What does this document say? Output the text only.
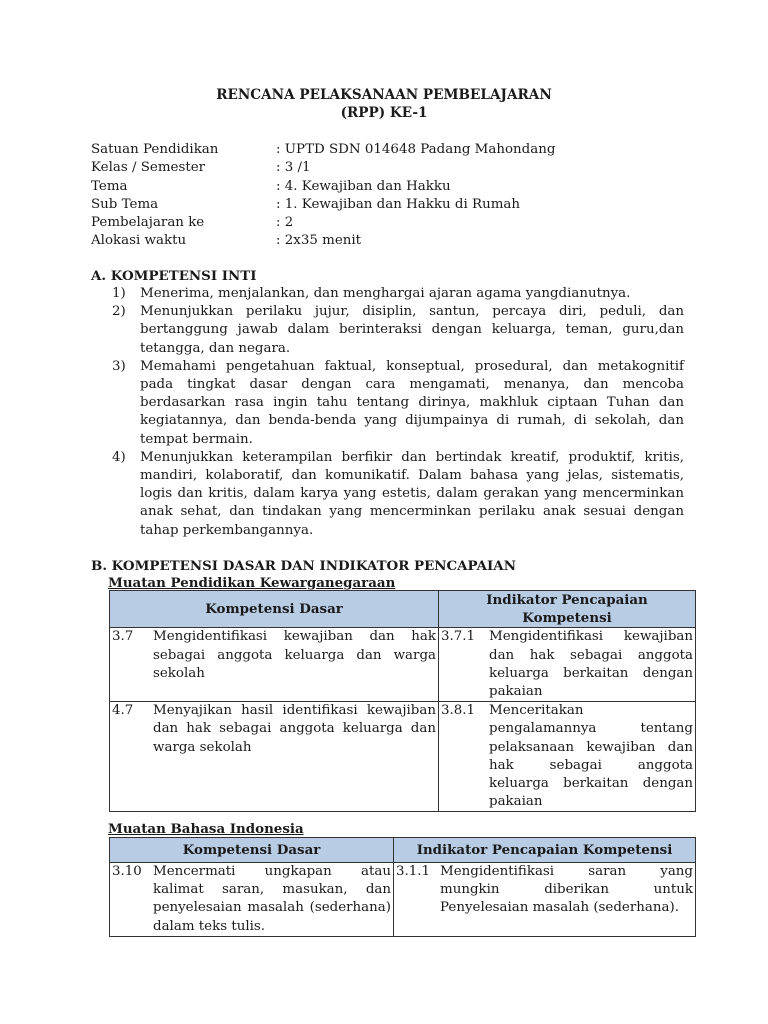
RENCANA PELAKSANAAN PEMBELAJARAN
(RPP) KE-1
Satuan Pendidikan	: UPTD SDN 014648 Padang Mahondang
Kelas / Semester	: 3 /1
Tema	: 4. Kewajiban dan Hakku
Sub Tema	: 1. Kewajiban dan Hakku di Rumah
Pembelajaran ke	: 2
Alokasi waktu	: 2x35 menit
A. KOMPETENSI INTI
1)	Menerima, menjalankan, dan menghargai ajaran agama yangdianutnya.
2)	Menunjukkan perilaku jujur, disiplin, santun, percaya diri, peduli, dan bertanggung jawab dalam berinteraksi dengan keluarga, teman, guru,dan tetangga, dan negara.
3)	Memahami pengetahuan faktual, konseptual, prosedural, dan metakognitif pada tingkat dasar dengan cara mengamati, menanya, dan mencoba berdasarkan rasa ingin tahu tentang dirinya, makhluk ciptaan Tuhan dan kegiatannya, dan benda-benda yang dijumpainya di rumah, di sekolah, dan tempat bermain.
4)	Menunjukkan keterampilan berfikir dan bertindak kreatif, produktif, kritis, mandiri, kolaboratif, dan komunikatif. Dalam bahasa yang jelas, sistematis, logis dan kritis, dalam karya yang estetis, dalam gerakan yang mencerminkan anak sehat, dan tindakan yang mencerminkan perilaku anak sesuai dengan tahap perkembangannya.
B. KOMPETENSI DASAR DAN INDIKATOR PENCAPAIAN
Muatan Pendidikan Kewarganegaraan
Kompetensi Dasar	Indikator Pencapaian Kompetensi

3.7 Mengidentifikasi kewajiban dan hak sebagai anggota keluarga dan warga sekolah	3.7.1 Mengidentifikasi kewajiban dan hak sebagai anggota keluarga berkaitan dengan pakaian

4.7 Menyajikan hasil identifikasi kewajiban dan hak sebagai anggota keluarga dan warga sekolah	3.8.1 Menceritakan pengalamannya tentang pelaksanaan kewajiban dan hak sebagai anggota keluarga berkaitan dengan pakaian
Muatan Bahasa Indonesia
Kompetensi Dasar	Indikator Pencapaian Kompetensi

3.10 Mencermati ungkapan atau kalimat saran, masukan, dan penyelesaian masalah (sederhana) dalam teks tulis.	3.1.1 Mengidentifikasi saran yang mungkin diberikan untuk Penyelesaian masalah (sederhana).
